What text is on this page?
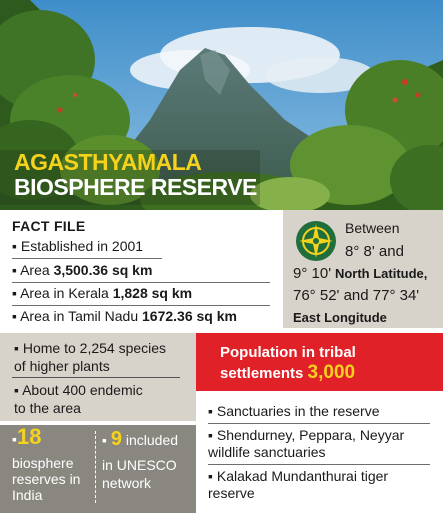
AGASTHYAMALA
BIOSPHERE RESERVE
FACT FILE
▪ Established in 2001
▪ Area 3,500.36 sq km
▪ Area in Kerala 1,828 sq km
▪ Area in Tamil Nadu 1672.36 sq km
Between
8° 8' and
9° 10' North Latitude,
76° 52' and 77° 34'
East Longitude
▪ Home to 2,254 species
of higher plants
▪ About 400 endemic
to the area
Population in tribal
settlements 3,000
▪18
biosphere
reserves in
India
▪ 9 included
in UNESCO
network
▪ Sanctuaries in the reserve
▪ Shendurney, Peppara, Neyyar
wildlife sanctuaries
▪ Kalakad Mundanthurai tiger
reserve
